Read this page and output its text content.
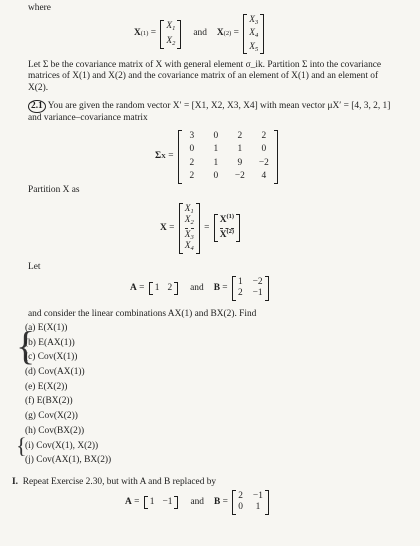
where
X (1) =
$X_1$
$X_2$
and X (2) =
$X_3$
$X_4$
$X_5$
Let Σ be the covariance matrix of X with general element σ_ik. Partition Σ into the covariance matrices of X(1) and X(2) and the covariance matrix of an element of X(1) and an element of X(2).
2.1 You are given the random vector X′ = [X1, X2, X3, X4] with mean vector μX′ = [4, 3, 2, 1] and variance–covariance matrix
Σ X =
3	0	2	2
0	1	1	0
2	1	9	−2
2	0	−2	4
Partition X as
X =
$X_1$
$X_2$
$X_3$
$X_4$
=
$X^{(1)}$
$X^{(2)}$
Let
A = 1 2 and B =
1 −2
2 −1
and consider the linear combinations AX(1) and BX(2). Find
{
{
(a) E(X(1))
(b) E(AX(1))
(c) Cov(X(1))
(d) Cov(AX(1))
(e) E(X(2))
(f) E(BX(2))
(g) Cov(X(2))
(h) Cov(BX(2))
(i) Cov(X(1), X(2))
(j) Cov(AX(1), BX(2))
I. Repeat Exercise 2.30, but with A and B replaced by
A = 1 −1 and B =
2 −1
0 1
